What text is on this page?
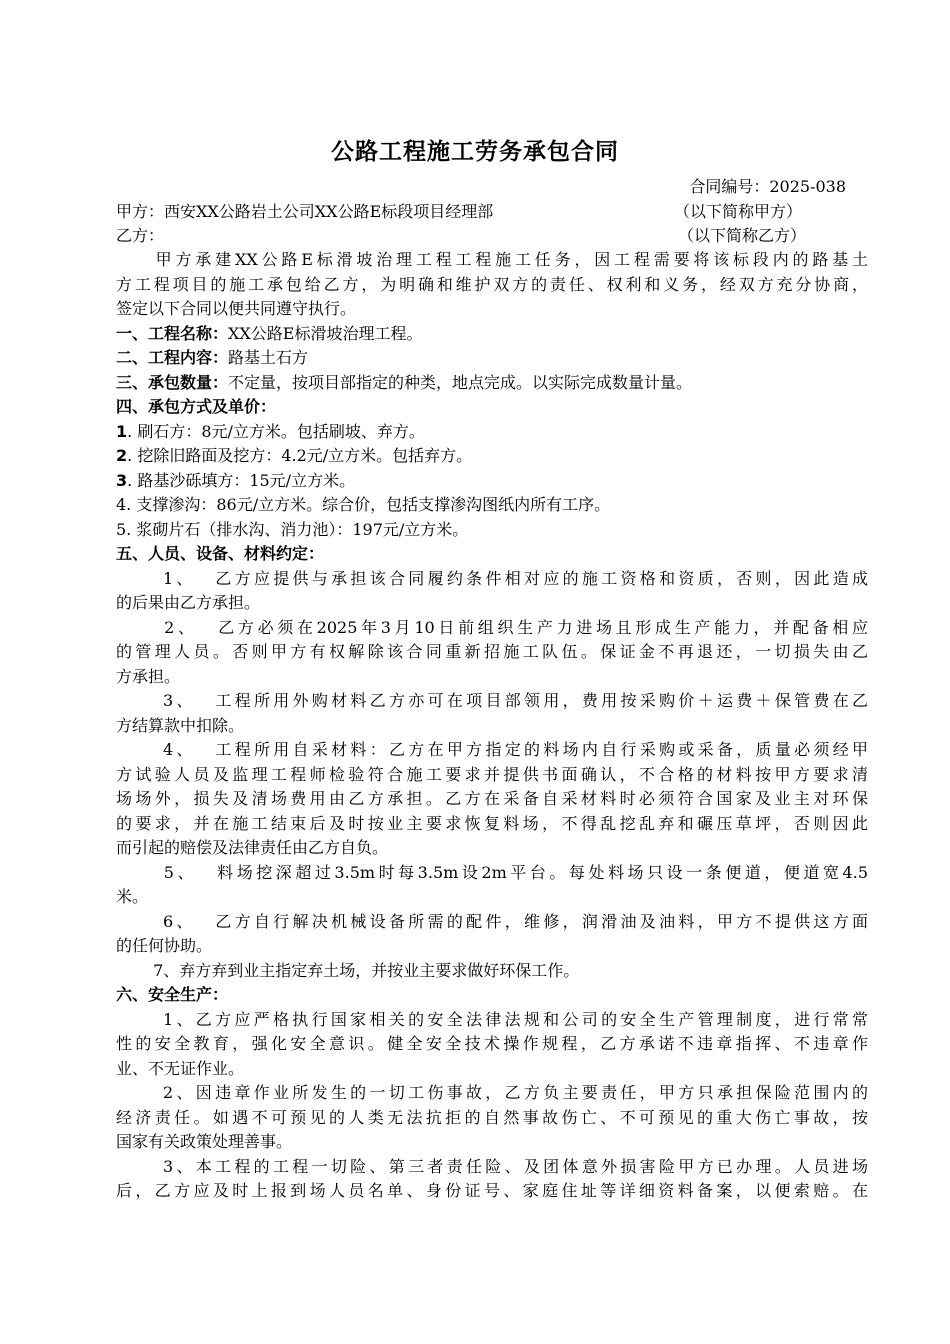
公路工程施工劳务承包合同
合同编号：2025-038
甲方：西安XX公路岩土公司XX公路E标段项目经理部	（以下简称甲方）
乙方：	（以下简称乙方）
　　甲方承建XX公路E标滑坡治理工程工程施工任务，因工程需要将该标段内的路基土
方工程项目的施工承包给乙方，为明确和维护双方的责任、权利和义务，经双方充分协商，
签定以下合同以便共同遵守执行。
一、工程名称：XX公路E标滑坡治理工程。
二、工程内容：路基土石方
三、承包数量：不定量，按项目部指定的种类，地点完成。以实际完成数量计量。
四、承包方式及单价：
1. 刷石方：8元/立方米。包括刷坡、弃方。
2. 挖除旧路面及挖方：4.2元/立方米。包括弃方。
3. 路基沙砾填方：15元/立方米。
4. 支撑渗沟：86元/立方米。综合价，包括支撑渗沟图纸内所有工序。
5. 浆砌片石（排水沟、消力池）：197元/立方米。
五、人员、设备、材料约定：
　　 1、　 乙方应提供与承担该合同履约条件相对应的施工资格和资质，否则，因此造成
的后果由乙方承担。
　　 2、　 乙方必须在2025年3月10日前组织生产力进场且形成生产能力，并配备相应
的管理人员。否则甲方有权解除该合同重新招施工队伍。保证金不再退还，一切损失由乙
方承担。
　　 3、　 工程所用外购材料乙方亦可在项目部领用，费用按采购价＋运费＋保管费在乙
方结算款中扣除。
　　 4、　 工程所用自采材料：乙方在甲方指定的料场内自行采购或采备，质量必须经甲
方试验人员及监理工程师检验符合施工要求并提供书面确认，不合格的材料按甲方要求清
场场外，损失及清场费用由乙方承担。乙方在采备自采材料时必须符合国家及业主对环保
的要求，并在施工结束后及时按业主要求恢复料场，不得乱挖乱弃和碾压草坪，否则因此
而引起的赔偿及法律责任由乙方自负。
　　 5、　 料场挖深超过3.5m时每3.5m设2m平台。每处料场只设一条便道，便道宽4.5
米。
　　 6、　 乙方自行解决机械设备所需的配件，维修，润滑油及油料，甲方不提供这方面
的任何协助。
　　 7、弃方弃到业主指定弃土场，并按业主要求做好环保工作。
六、安全生产：
　　 1、乙方应严格执行国家相关的安全法律法规和公司的安全生产管理制度，进行常常
性的安全教育，强化安全意识。健全安全技术操作规程，乙方承诺不违章指挥、不违章作
业、不无证作业。
　　 2、因违章作业所发生的一切工伤事故，乙方负主要责任，甲方只承担保险范围内的
经济责任。如遇不可预见的人类无法抗拒的自然事故伤亡、不可预见的重大伤亡事故，按
国家有关政策处理善事。
　　 3、本工程的工程一切险、第三者责任险、及团体意外损害险甲方已办理。人员进场
后，乙方应及时上报到场人员名单、身份证号、家庭住址等详细资料备案，以便索赔。在
